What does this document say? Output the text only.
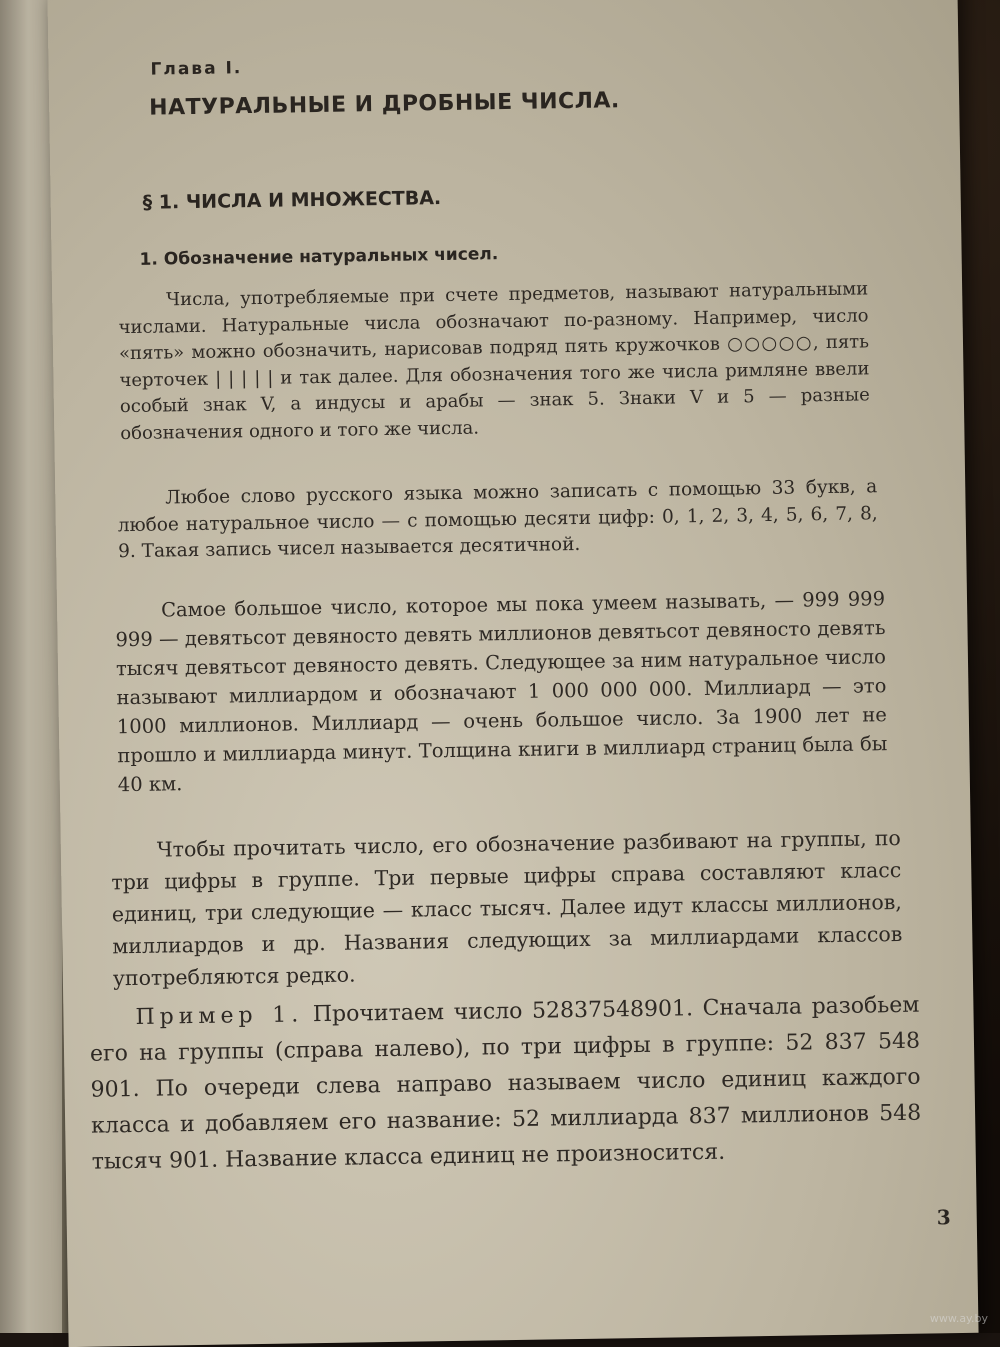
Глава I.
НАТУРАЛЬНЫЕ И ДРОБНЫЕ ЧИСЛА.
§ 1. ЧИСЛА И МНОЖЕСТВА.
1. Обозначение натуральных чисел.

Числа, употребляемые при счете предметов, называют натуральными числами. Натуральные числа обозначают по-разному. Например, число «пять» можно обозначить, нарисовав подряд пять кружочков ○○○○○, пять черточек | | | | | и так далее. Для обозначения того же числа римляне ввели особый знак V, а индусы и арабы — знак 5. Знаки V и 5 — разные обозначения одного и того же числа.

Любое слово русского языка можно записать с помощью 33 букв, а любое натуральное число — с помощью десяти цифр: 0, 1, 2, 3, 4, 5, 6, 7, 8, 9. Такая запись чисел называется десятичной.

Самое большое число, которое мы пока умеем называть, — 999 999 999 — девятьсот девяносто девять миллионов девятьсот девяносто девять тысяч девятьсот девяносто девять. Следующее за ним натуральное число называют миллиардом и обозначают 1 000 000 000. Миллиард — это 1000 миллионов. Миллиард — очень большое число. За 1900 лет не прошло и миллиарда минут. Толщина книги в миллиард страниц была бы 40 км.

Чтобы прочитать число, его обозначение разбивают на группы, по три цифры в группе. Три первые цифры справа составляют класс единиц, три следующие — класс тысяч. Далее идут классы миллионов, миллиардов и др. Названия следующих за миллиардами классов употребляются редко.

Пример 1. Прочитаем число 52837548901. Сначала разобьем его на группы (справа налево), по три цифры в группе: 52 837 548 901. По очереди слева направо называем число единиц каждого класса и добавляем его название: 52 миллиарда 837 миллионов 548 тысяч 901. Название класса единиц не произносится.

3
www.ay.by
